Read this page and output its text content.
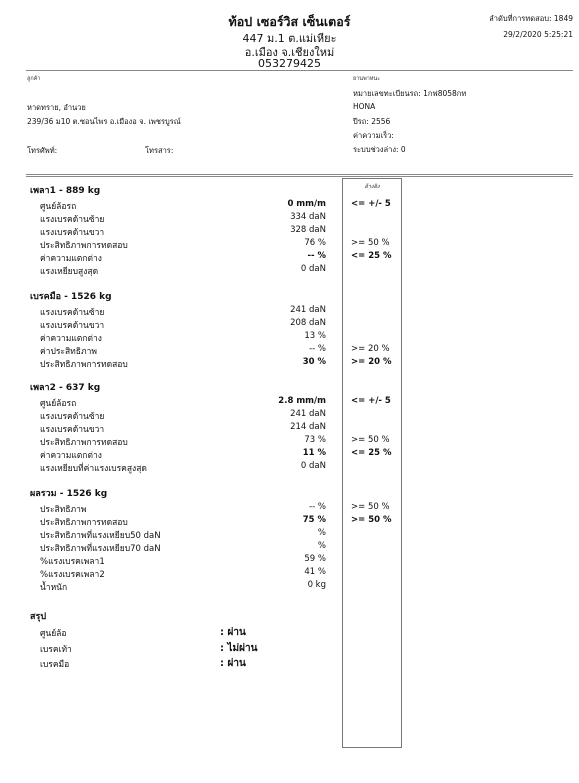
ท้อป เซอร์วิส เซ็นเตอร์
447 ม.1 ต.แม่เหียะ
อ.เมือง จ.เชียงใหม่
053279425
ลำดับที่การทดสอบ: 1849
29/2/2020 5:25:21
ลูกค้า
หาดทราย, อำนวย
239/36 ม10 ต.ซอนไพร อ.เมืองอ จ. เพชรบูรณ์
โทรศัพท์:	โทรสาร:
ยานพาหนะ
หมายเลขทะเบียนรถ: 1กฟ8058กท
HONA
ปีรถ: 2556
ค่าความเร็ว:
ระบบช่วงล่าง: 0
อ้างอิง
เพลา1 - 889 kg
ศูนย์ล้อรถ	0 mm/m	<= +/- 5
แรงเบรคด้านซ้าย	334 daN
แรงเบรคด้านขวา	328 daN
ประสิทธิภาพการทดสอบ	76 %	>= 50 %
ค่าความแตกต่าง	-- %	<= 25 %
แรงเหยียบสูงสุด	0 daN
เบรคมือ - 1526 kg
แรงเบรคด้านซ้าย	241 daN
แรงเบรคด้านขวา	208 daN
ค่าความแตกต่าง	13 %
ค่าประสิทธิภาพ	-- %	>= 20 %
ประสิทธิภาพการทดสอบ	30 %	>= 20 %
เพลา2 - 637 kg
ศูนย์ล้อรถ	2.8 mm/m	<= +/- 5
แรงเบรคด้านซ้าย	241 daN
แรงเบรคด้านขวา	214 daN
ประสิทธิภาพการทดสอบ	73 %	>= 50 %
ค่าความแตกต่าง	11 %	<= 25 %
แรงเหยียบที่ค่าแรงเบรคสูงสุด	0 daN
ผลรวม - 1526 kg
ประสิทธิภาพ	-- %	>= 50 %
ประสิทธิภาพการทดสอบ	75 %	>= 50 %
ประสิทธิภาพที่แรงเหยียบ50 daN	%
ประสิทธิภาพที่แรงเหยียบ70 daN	%
%แรงเบรคเพลา1	59 %
%แรงเบรคเพลา2	41 %
น้ำหนัก	0 kg
สรุป
ศูนย์ล้อ	: ผ่าน
เบรคเท้า	: ไม่ผ่าน
เบรคมือ	: ผ่าน
